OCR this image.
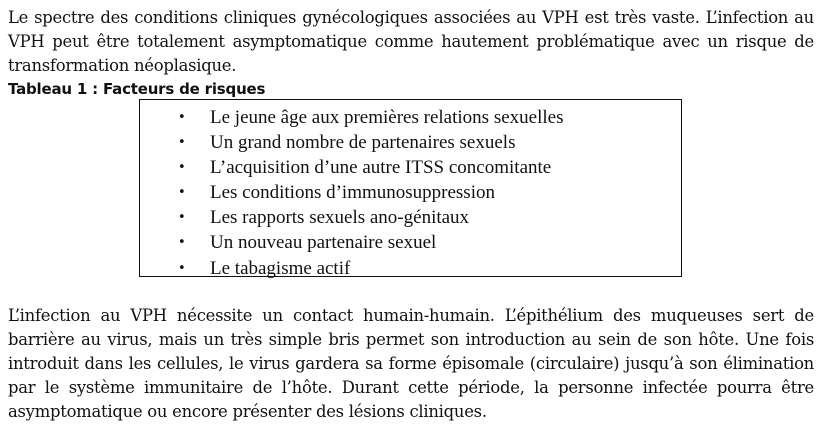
Le spectre des conditions cliniques gynécologiques associées au VPH est très vaste. L’infection au VPH peut être totalement asymptomatique comme hautement problématique avec un risque de transformation néoplasique.

Tableau 1 : Facteurs de risques
• Le jeune âge aux premières relations sexuelles
• Un grand nombre de partenaires sexuels
• L’acquisition d’une autre ITSS concomitante
• Les conditions d’immunosuppression
• Les rapports sexuels ano-génitaux
• Un nouveau partenaire sexuel
• Le tabagisme actif

L’infection au VPH nécessite un contact humain-humain. L’épithélium des muqueuses sert de barrière au virus, mais un très simple bris permet son introduction au sein de son hôte. Une fois introduit dans les cellules, le virus gardera sa forme épisomale (circulaire) jusqu’à son élimination par le système immunitaire de l’hôte. Durant cette période, la personne infectée pourra être asymptomatique ou encore présenter des lésions cliniques.
